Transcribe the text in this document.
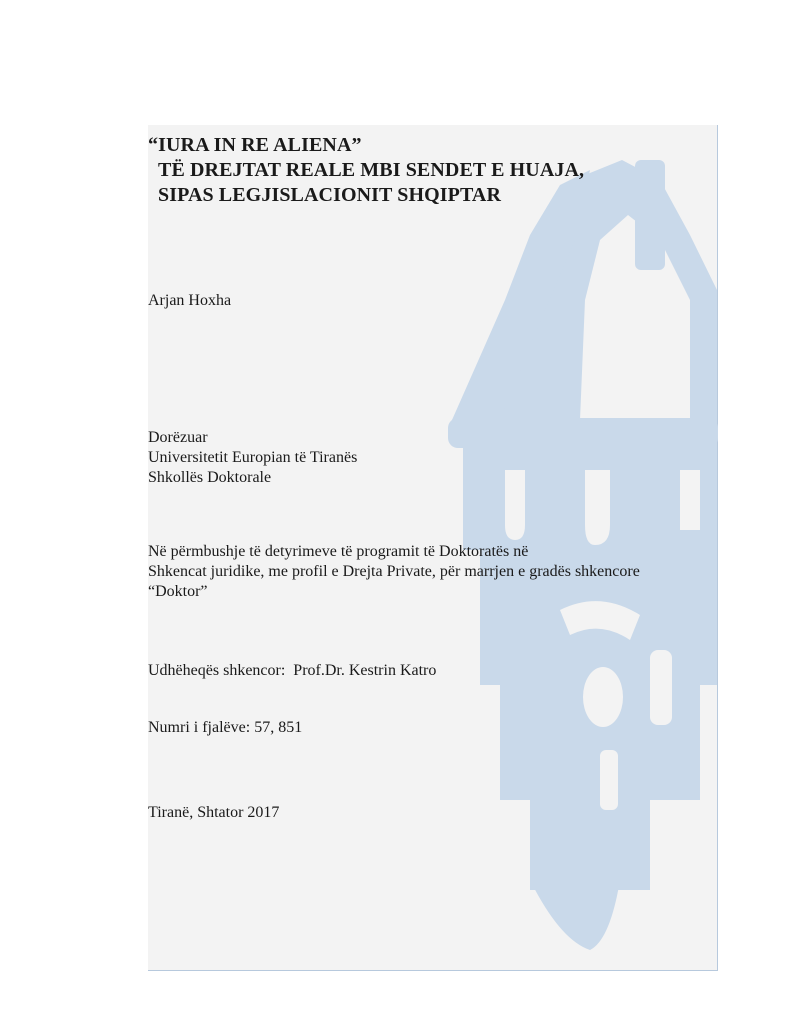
“IURA IN RE ALIENA”
TË DREJTAT REALE MBI SENDET E HUAJA,
SIPAS LEGJISLACIONIT SHQIPTAR
Arjan Hoxha
Dorëzuar
Universitetit Europian të Tiranës
Shkollës Doktorale
Në përmbushje të detyrimeve të programit të Doktoratës në
Shkencat juridike, me profil e Drejta Private, për marrjen e gradës shkencore
“Doktor”
Udhëheqës shkencor: Prof.Dr. Kestrin Katro
Numri i fjalëve: 57, 851
Tiranë, Shtator 2017
